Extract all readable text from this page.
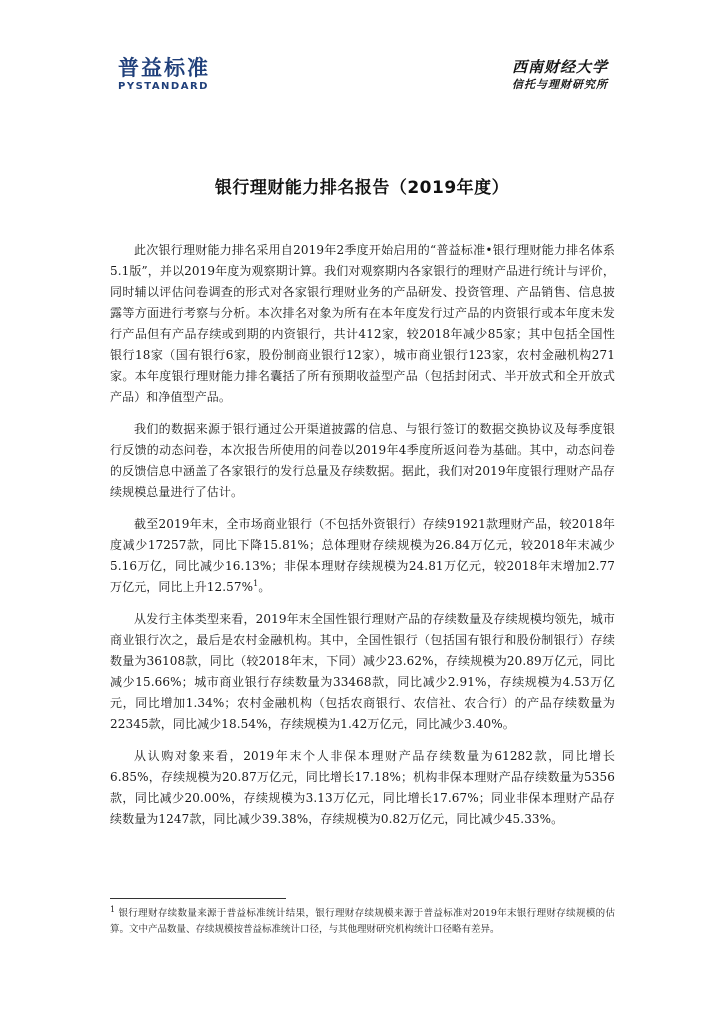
普益标准
PYSTANDARD
西南财经大学
信托与理财研究所
银行理财能力排名报告（2019年度）

此次银行理财能力排名采用自2019年2季度开始启用的“普益标准•银行理财能力排名体系5.1版”，并以2019年度为观察期计算。我们对观察期内各家银行的理财产品进行统计与评价，同时辅以评估问卷调查的形式对各家银行理财业务的产品研发、投资管理、产品销售、信息披露等方面进行考察与分析。本次排名对象为所有在本年度发行过产品的内资银行或本年度未发行产品但有产品存续或到期的内资银行，共计412家，较2018年减少85家；其中包括全国性银行18家（国有银行6家，股份制商业银行12家），城市商业银行123家，农村金融机构271家。本年度银行理财能力排名囊括了所有预期收益型产品（包括封闭式、半开放式和全开放式产品）和净值型产品。

我们的数据来源于银行通过公开渠道披露的信息、与银行签订的数据交换协议及每季度银行反馈的动态问卷，本次报告所使用的问卷以2019年4季度所返问卷为基础。其中，动态问卷的反馈信息中涵盖了各家银行的发行总量及存续数据。据此，我们对2019年度银行理财产品存续规模总量进行了估计。

截至2019年末，全市场商业银行（不包括外资银行）存续91921款理财产品，较2018年度减少17257款，同比下降15.81%；总体理财存续规模为26.84万亿元，较2018年末减少5.16万亿，同比减少16.13%；非保本理财存续规模为24.81万亿元，较2018年末增加2.77万亿元，同比上升12.57%$^1$。

从发行主体类型来看，2019年末全国性银行理财产品的存续数量及存续规模均领先，城市商业银行次之，最后是农村金融机构。其中，全国性银行（包括国有银行和股份制银行）存续数量为36108款，同比（较2018年末，下同）减少23.62%，存续规模为20.89万亿元，同比减少15.66%；城市商业银行存续数量为33468款，同比减少2.91%，存续规模为4.53万亿元，同比增加1.34%；农村金融机构（包括农商银行、农信社、农合行）的产品存续数量为22345款，同比减少18.54%，存续规模为1.42万亿元，同比减少3.40%。

从认购对象来看，2019年末个人非保本理财产品存续数量为61282款，同比增长6.85%，存续规模为20.87万亿元，同比增长17.18%；机构非保本理财产品存续数量为5356款，同比减少20.00%，存续规模为3.13万亿元，同比增长17.67%；同业非保本理财产品存续数量为1247款，同比减少39.38%，存续规模为0.82万亿元，同比减少45.33%。

$^1$ 银行理财存续数量来源于普益标准统计结果，银行理财存续规模来源于普益标准对2019年末银行理财存续规模的估算。文中产品数量、存续规模按普益标准统计口径，与其他理财研究机构统计口径略有差异。
